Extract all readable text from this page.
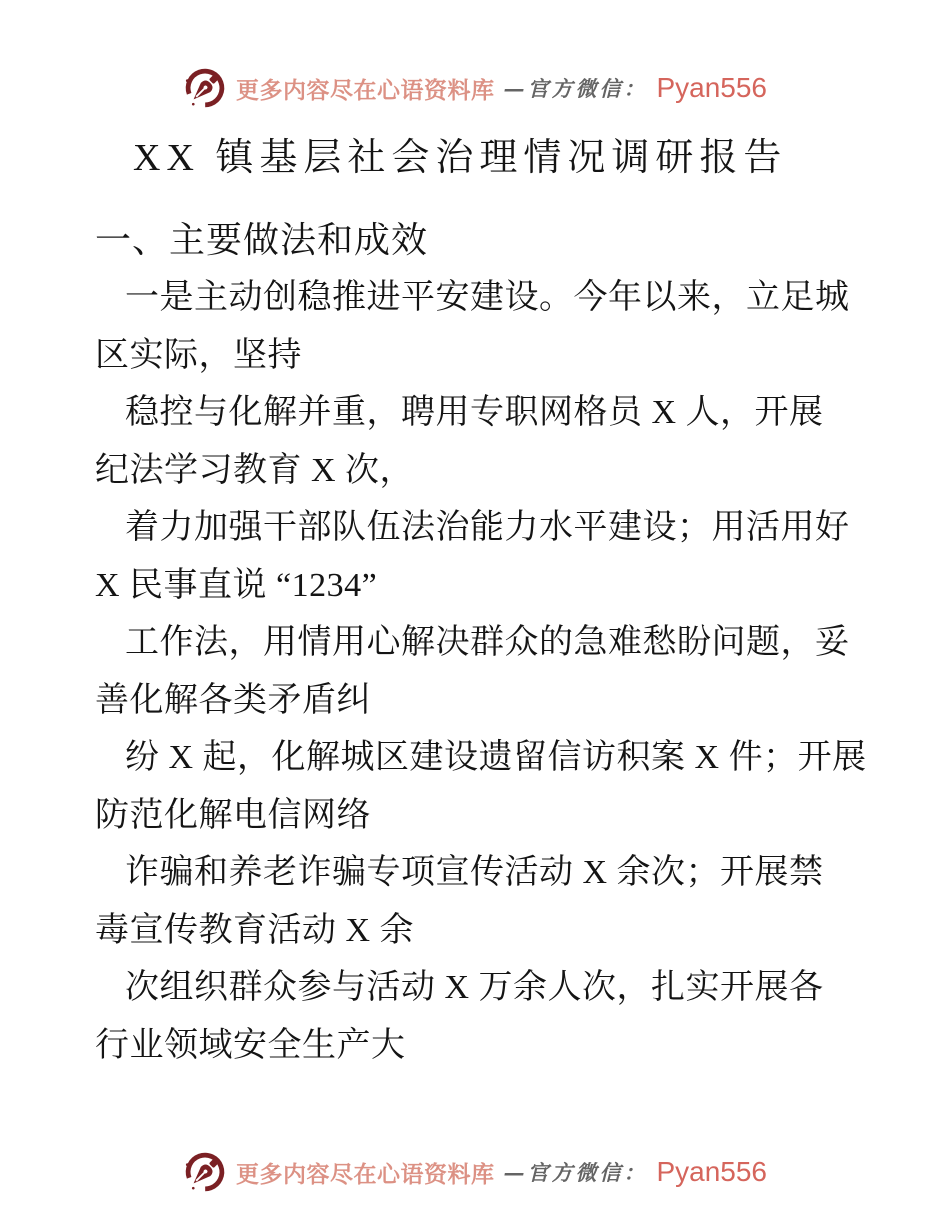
更多内容尽在心语资料库 —官方微信： Pyan556
XX 镇基层社会治理情况调研报告
一、主要做法和成效
一是主动创稳推进平安建设。今年以来，立足城
区实际，坚持
稳控与化解并重，聘用专职网格员 X 人，开展
纪法学习教育 X 次，
着力加强干部队伍法治能力水平建设；用活用好
X 民事直说 “1234”
工作法，用情用心解决群众的急难愁盼问题，妥
善化解各类矛盾纠
纷 X 起，化解城区建设遗留信访积案 X 件；开展
防范化解电信网络
诈骗和养老诈骗专项宣传活动 X 余次；开展禁
毒宣传教育活动 X 余
次组织群众参与活动 X 万余人次，扎实开展各
行业领域安全生产大
更多内容尽在心语资料库 —官方微信： Pyan556
